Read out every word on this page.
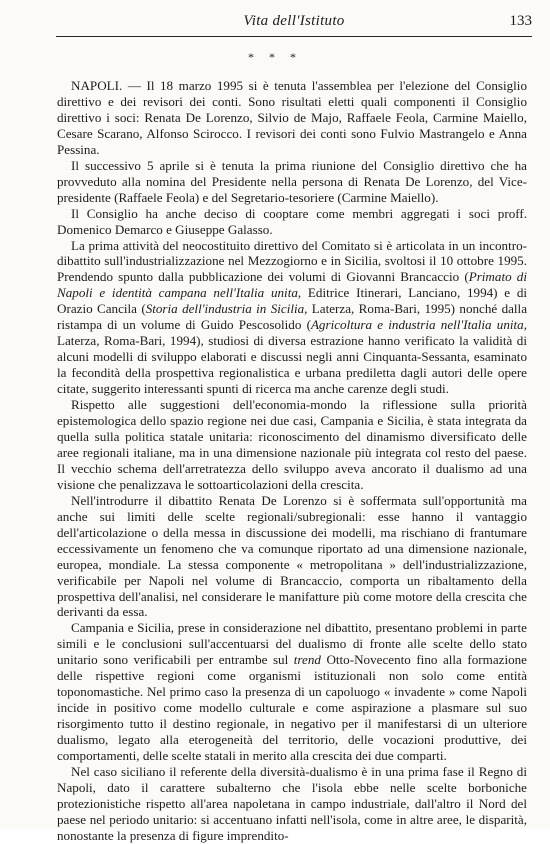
Vita dell'Istituto	133
* * *

NAPOLI. — Il 18 marzo 1995 si è tenuta l'assemblea per l'elezione del Consiglio direttivo e dei revisori dei conti. Sono risultati eletti quali componenti il Consiglio direttivo i soci: Renata De Lorenzo, Silvio de Majo, Raffaele Feola, Carmine Maiello, Cesare Scarano, Alfonso Scirocco. I revisori dei conti sono Fulvio Mastrangelo e Anna Pessina.

Il successivo 5 aprile si è tenuta la prima riunione del Consiglio direttivo che ha provveduto alla nomina del Presidente nella persona di Renata De Lorenzo, del Vice-presidente (Raffaele Feola) e del Segretario-tesoriere (Carmine Maiello).

Il Consiglio ha anche deciso di cooptare come membri aggregati i soci proff. Domenico Demarco e Giuseppe Galasso.

La prima attività del neocostituito direttivo del Comitato si è articolata in un incontro-dibattito sull'industrializzazione nel Mezzogiorno e in Sicilia, svoltosi il 10 ottobre 1995. Prendendo spunto dalla pubblicazione dei volumi di Giovanni Brancaccio (Primato di Napoli e identità campana nell'Italia unita, Editrice Itinerari, Lanciano, 1994) e di Orazio Cancila (Storia dell'industria in Sicilia, Laterza, Roma-Bari, 1995) nonché dalla ristampa di un volume di Guido Pescosolido (Agricoltura e industria nell'Italia unita, Laterza, Roma-Bari, 1994), studiosi di diversa estrazione hanno verificato la validità di alcuni modelli di sviluppo elaborati e discussi negli anni Cinquanta-Sessanta, esaminato la fecondità della prospettiva regionalistica e urbana prediletta dagli autori delle opere citate, suggerito interessanti spunti di ricerca ma anche carenze degli studi.

Rispetto alle suggestioni dell'economia-mondo la riflessione sulla priorità epistemologica dello spazio regione nei due casi, Campania e Sicilia, è stata integrata da quella sulla politica statale unitaria: riconoscimento del dinamismo diversificato delle aree regionali italiane, ma in una dimensione nazionale più integrata col resto del paese. Il vecchio schema dell'arretratezza dello sviluppo aveva ancorato il dualismo ad una visione che penalizzava le sottoarticolazioni della crescita.

Nell'introdurre il dibattito Renata De Lorenzo si è soffermata sull'opportunità ma anche sui limiti delle scelte regionali/subregionali: esse hanno il vantaggio dell'articolazione o della messa in discussione dei modelli, ma rischiano di frantumare eccessivamente un fenomeno che va comunque riportato ad una dimensione nazionale, europea, mondiale. La stessa componente « metropolitana » dell'industrializzazione, verificabile per Napoli nel volume di Brancaccio, comporta un ribaltamento della prospettiva dell'analisi, nel considerare le manifatture più come motore della crescita che derivanti da essa.

Campania e Sicilia, prese in considerazione nel dibattito, presentano problemi in parte simili e le conclusioni sull'accentuarsi del dualismo di fronte alle scelte dello stato unitario sono verificabili per entrambe sul trend Otto-Novecento fino alla formazione delle rispettive regioni come organismi istituzionali non solo come entità toponomastiche. Nel primo caso la presenza di un capoluogo « invadente » come Napoli incide in positivo come modello culturale e come aspirazione a plasmare sul suo risorgimento tutto il destino regionale, in negativo per il manifestarsi di un ulteriore dualismo, legato alla eterogeneità del territorio, delle vocazioni produttive, dei comportamenti, delle scelte statali in merito alla crescita dei due comparti.

Nel caso siciliano il referente della diversità-dualismo è in una prima fase il Regno di Napoli, dato il carattere subalterno che l'isola ebbe nelle scelte borboniche protezionistiche rispetto all'area napoletana in campo industriale, dall'altro il Nord del paese nel periodo unitario: si accentuano infatti nell'isola, come in altre aree, le disparità, nonostante la presenza di figure imprendito-
